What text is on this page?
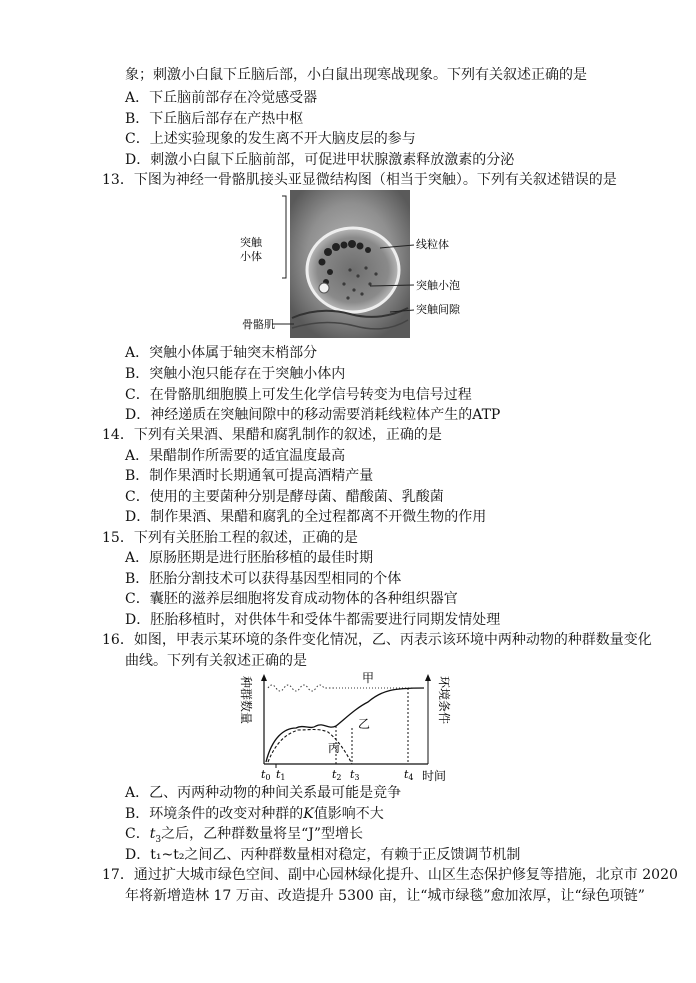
象；刺激小白鼠下丘脑后部，小白鼠出现寒战现象。下列有关叙述正确的是
A．下丘脑前部存在冷觉感受器
B．下丘脑后部存在产热中枢
C．上述实验现象的发生离不开大脑皮层的参与
D．刺激小白鼠下丘脑前部，可促进甲状腺激素释放激素的分泌
13．下图为神经一骨骼肌接头亚显微结构图（相当于突触）。下列有关叙述错误的是
突触
小体
线粒体
突触小泡
突触间隙
骨骼肌
A．突触小体属于轴突末梢部分
B．突触小泡只能存在于突触小体内
C．在骨骼肌细胞膜上可发生化学信号转变为电信号过程
D．神经递质在突触间隙中的移动需要消耗线粒体产生的ATP
14．下列有关果酒、果醋和腐乳制作的叙述，正确的是
A．果醋制作所需要的适宜温度最高
B．制作果酒时长期通氧可提高酒精产量
C．使用的主要菌种分别是酵母菌、醋酸菌、乳酸菌
D．制作果酒、果醋和腐乳的全过程都离不开微生物的作用
15．下列有关胚胎工程的叙述，正确的是
A．原肠胚期是进行胚胎移植的最佳时期
B．胚胎分割技术可以获得基因型相同的个体
C．囊胚的滋养层细胞将发育成动物体的各种组织器官
D．胚胎移植时，对供体牛和受体牛都需要进行同期发情处理
16．如图，甲表示某环境的条件变化情况，乙、丙表示该环境中两种动物的种群数量变化
曲线。下列有关叙述正确的是
种群数量	环境条件
甲
乙
丙
t0 t1	t2 t3	t4 时间
A．乙、丙两种动物的种间关系最可能是竞争
B．环境条件的改变对种群的K值影响不大
C．$t_3$之后，乙种群数量将呈“J”型增长
D．t₁~t₂之间乙、丙种群数量相对稳定，有赖于正反馈调节机制
17．通过扩大城市绿色空间、副中心园林绿化提升、山区生态保护修复等措施，北京市 2020
年将新增造林 17 万亩、改造提升 5300 亩，让“城市绿毯”愈加浓厚，让“绿色项链”
